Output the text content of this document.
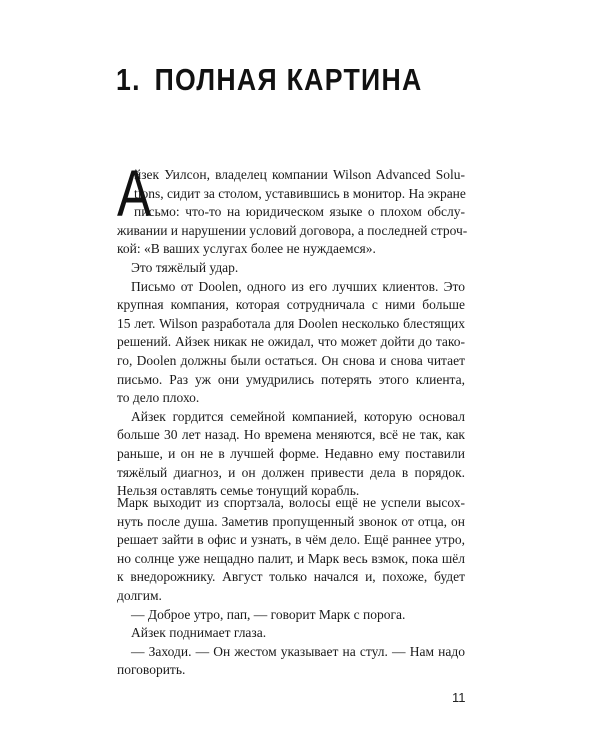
1. ПОЛНАЯ КАРТИНА
А
йзек Уилсон, владелец компании Wilson Advanced Solu-
tions, сидит за столом, уставившись в монитор. На экране
письмо: что-то на юридическом языке о плохом обслу-
живании и нарушении условий договора, а последней строч-
кой: «В ваших услугах более не нуждаемся».
Это тяжёлый удар.
Письмо от Doolen, одного из его лучших клиентов. Это
крупная компания, которая сотрудничала с ними больше
15 лет. Wilson разработала для Doolen несколько блестящих
решений. Айзек никак не ожидал, что может дойти до тако-
го, Doolen должны были остаться. Он снова и снова читает
письмо. Раз уж они умудрились потерять этого клиента,
то дело плохо.
Айзек гордится семейной компанией, которую основал
больше 30 лет назад. Но времена меняются, всё не так, как
раньше, и он не в лучшей форме. Недавно ему поставили
тяжёлый диагноз, и он должен привести дела в порядок.
Нельзя оставлять семье тонущий корабль.
Марк выходит из спортзала, волосы ещё не успели высох-
нуть после душа. Заметив пропущенный звонок от отца, он
решает зайти в офис и узнать, в чём дело. Ещё раннее утро,
но солнце уже нещадно палит, и Марк весь взмок, пока шёл
к внедорожнику. Август только начался и, похоже, будет
долгим.
— Доброе утро, пап, — говорит Марк с порога.
Айзек поднимает глаза.
— Заходи. — Он жестом указывает на стул. — Нам надо
поговорить.
11
